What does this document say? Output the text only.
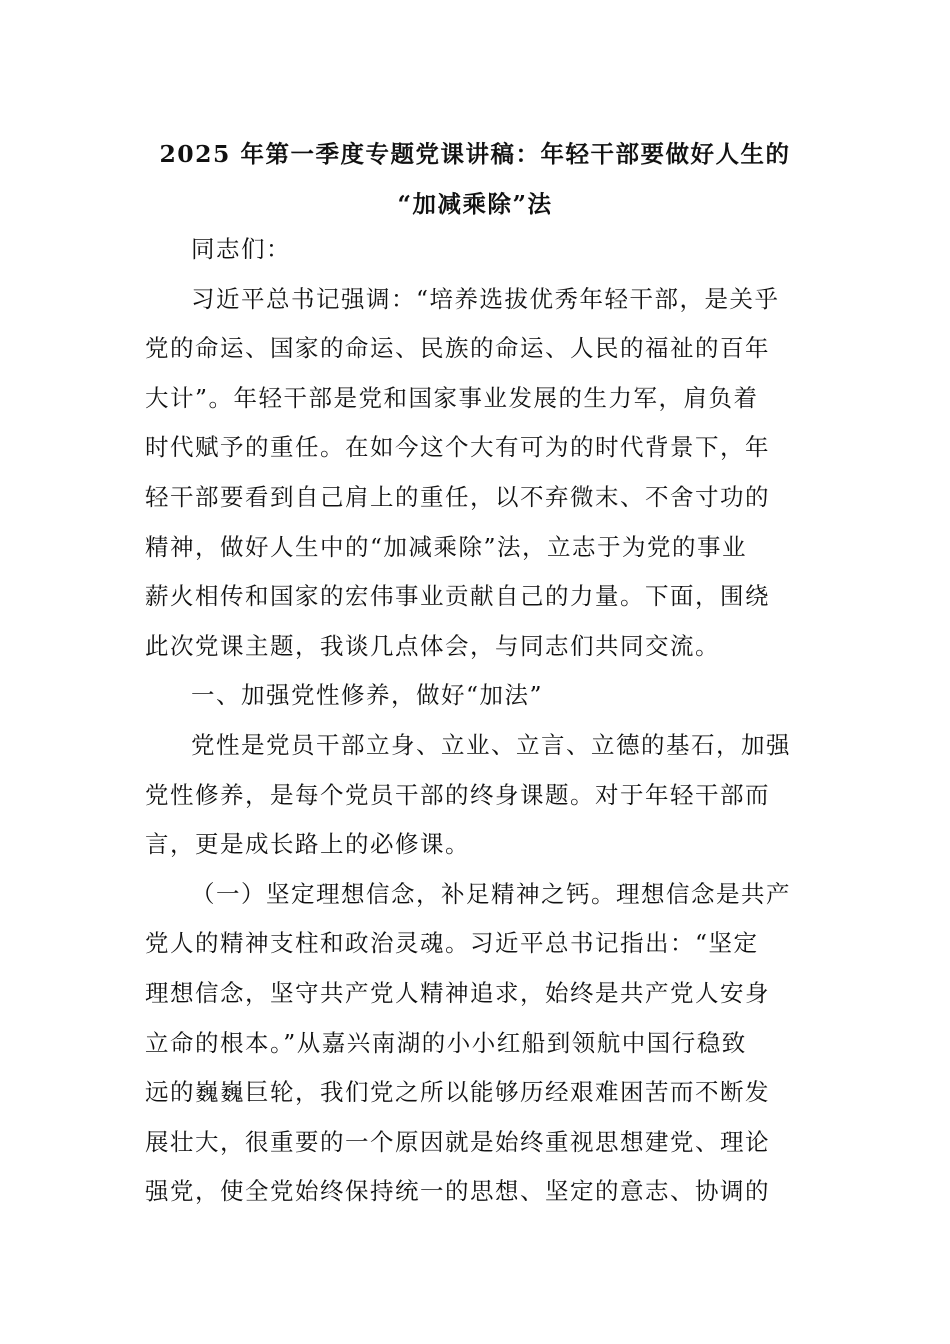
2025 年第一季度专题党课讲稿：年轻干部要做好人生的
“加减乘除”法
同志们：
习近平总书记强调：“培养选拔优秀年轻干部，是关乎
党的命运、国家的命运、民族的命运、人民的福祉的百年
大计”。年轻干部是党和国家事业发展的生力军，肩负着
时代赋予的重任。在如今这个大有可为的时代背景下，年
轻干部要看到自己肩上的重任，以不弃微末、不舍寸功的
精神，做好人生中的“加减乘除”法，立志于为党的事业
薪火相传和国家的宏伟事业贡献自己的力量。下面，围绕
此次党课主题，我谈几点体会，与同志们共同交流。
一、加强党性修养，做好“加法”
党性是党员干部立身、立业、立言、立德的基石，加强
党性修养，是每个党员干部的终身课题。对于年轻干部而
言，更是成长路上的必修课。
（一）坚定理想信念，补足精神之钙。理想信念是共产
党人的精神支柱和政治灵魂。习近平总书记指出：“坚定
理想信念，坚守共产党人精神追求，始终是共产党人安身
立命的根本。”从嘉兴南湖的小小红船到领航中国行稳致
远的巍巍巨轮，我们党之所以能够历经艰难困苦而不断发
展壮大，很重要的一个原因就是始终重视思想建党、理论
强党，使全党始终保持统一的思想、坚定的意志、协调的
